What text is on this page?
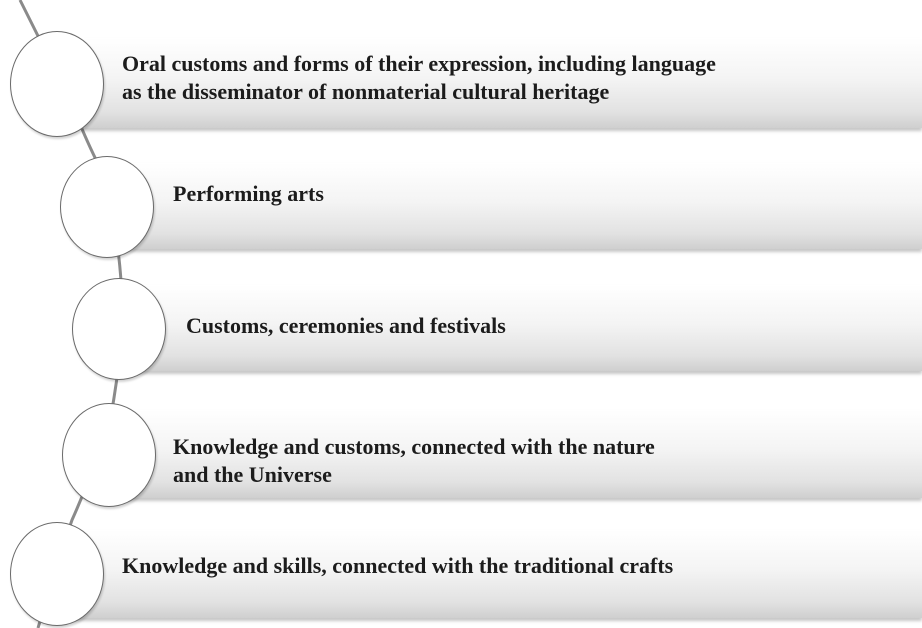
Oral customs and forms of their expression, including language
as the disseminator of nonmaterial cultural heritage
Performing arts
Customs, ceremonies and festivals
Knowledge and customs, connected with the nature
and the Universe
Knowledge and skills, connected with the traditional crafts
